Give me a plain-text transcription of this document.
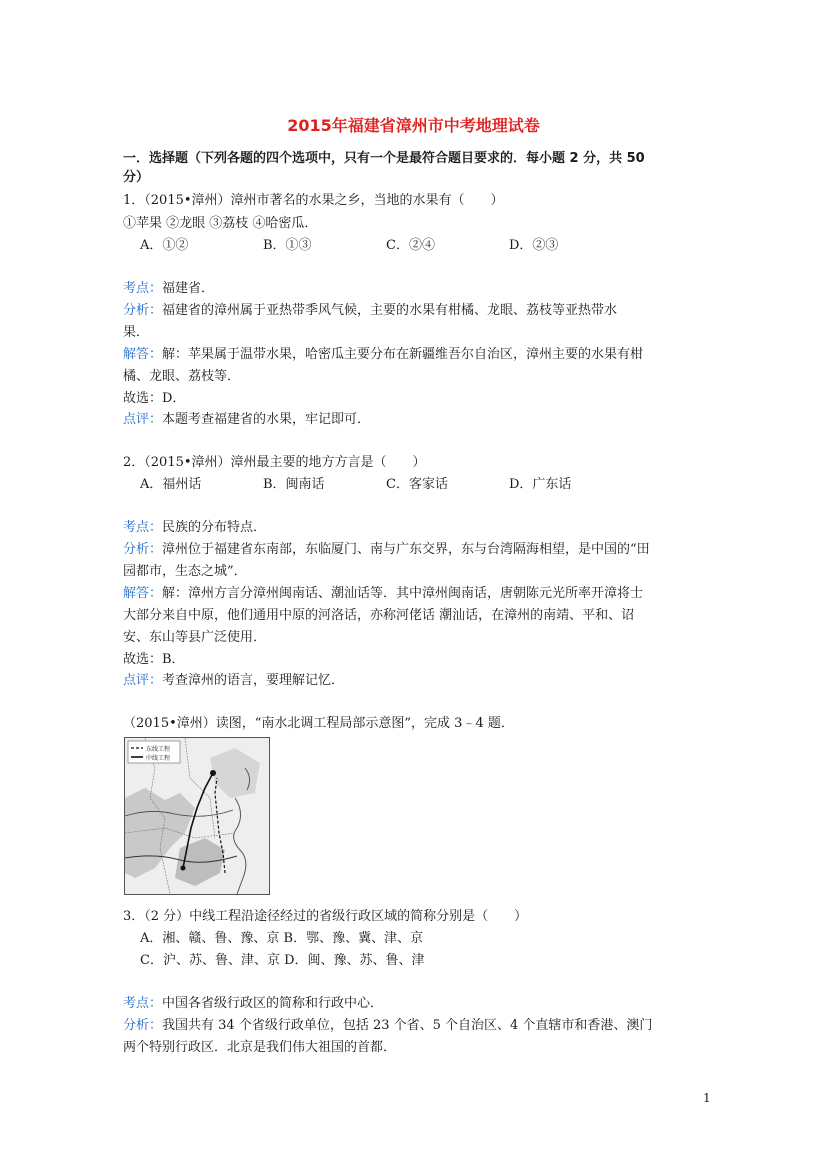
2015年福建省漳州市中考地理试卷
一．选择题（下列各题的四个选项中，只有一个是最符合题目要求的．每小题 2 分，共 50
分）
1．（2015•漳州）漳州市著名的水果之乡，当地的水果有（　　）
①苹果 ②龙眼 ③荔枝 ④哈密瓜．
A．①②	B．①③	C．②④	D．②③
考点：福建省．
分析：福建省的漳州属于亚热带季风气候，主要的水果有柑橘、龙眼、荔枝等亚热带水
果．
解答：解：苹果属于温带水果，哈密瓜主要分布在新疆维吾尔自治区，漳州主要的水果有柑
橘、龙眼、荔枝等．
故选：D．
点评：本题考查福建省的水果，牢记即可．
2．（2015•漳州）漳州最主要的地方方言是（　　）
A．福州话	B．闽南话	C．客家话	D．广东话
考点：民族的分布特点．
分析：漳州位于福建省东南部，东临厦门、南与广东交界，东与台湾隔海相望，是中国的“田
园都市，生态之城”．
解答：解：漳州方言分漳州闽南话、潮汕话等．其中漳州闽南话，唐朝陈元光所率开漳将士
大部分来自中原，他们通用中原的河洛话，亦称河佬话 潮汕话，在漳州的南靖、平和、诏
安、东山等县广泛使用．
故选：B．
点评：考查漳州的语言，要理解记忆．
（2015•漳州）读图，“南水北调工程局部示意图”，完成 3﹣4 题．
东线工程
中线工程
3．（2 分）中线工程沿途径经过的省级行政区域的简称分别是（　　）
A．湘、赣、鲁、豫、京 B．鄂、豫、冀、津、京
C．沪、苏、鲁、津、京 D．闽、豫、苏、鲁、津
考点：中国各省级行政区的简称和行政中心．
分析：我国共有 34 个省级行政单位，包括 23 个省、5 个自治区、4 个直辖市和香港、澳门
两个特别行政区．北京是我们伟大祖国的首都．
1
